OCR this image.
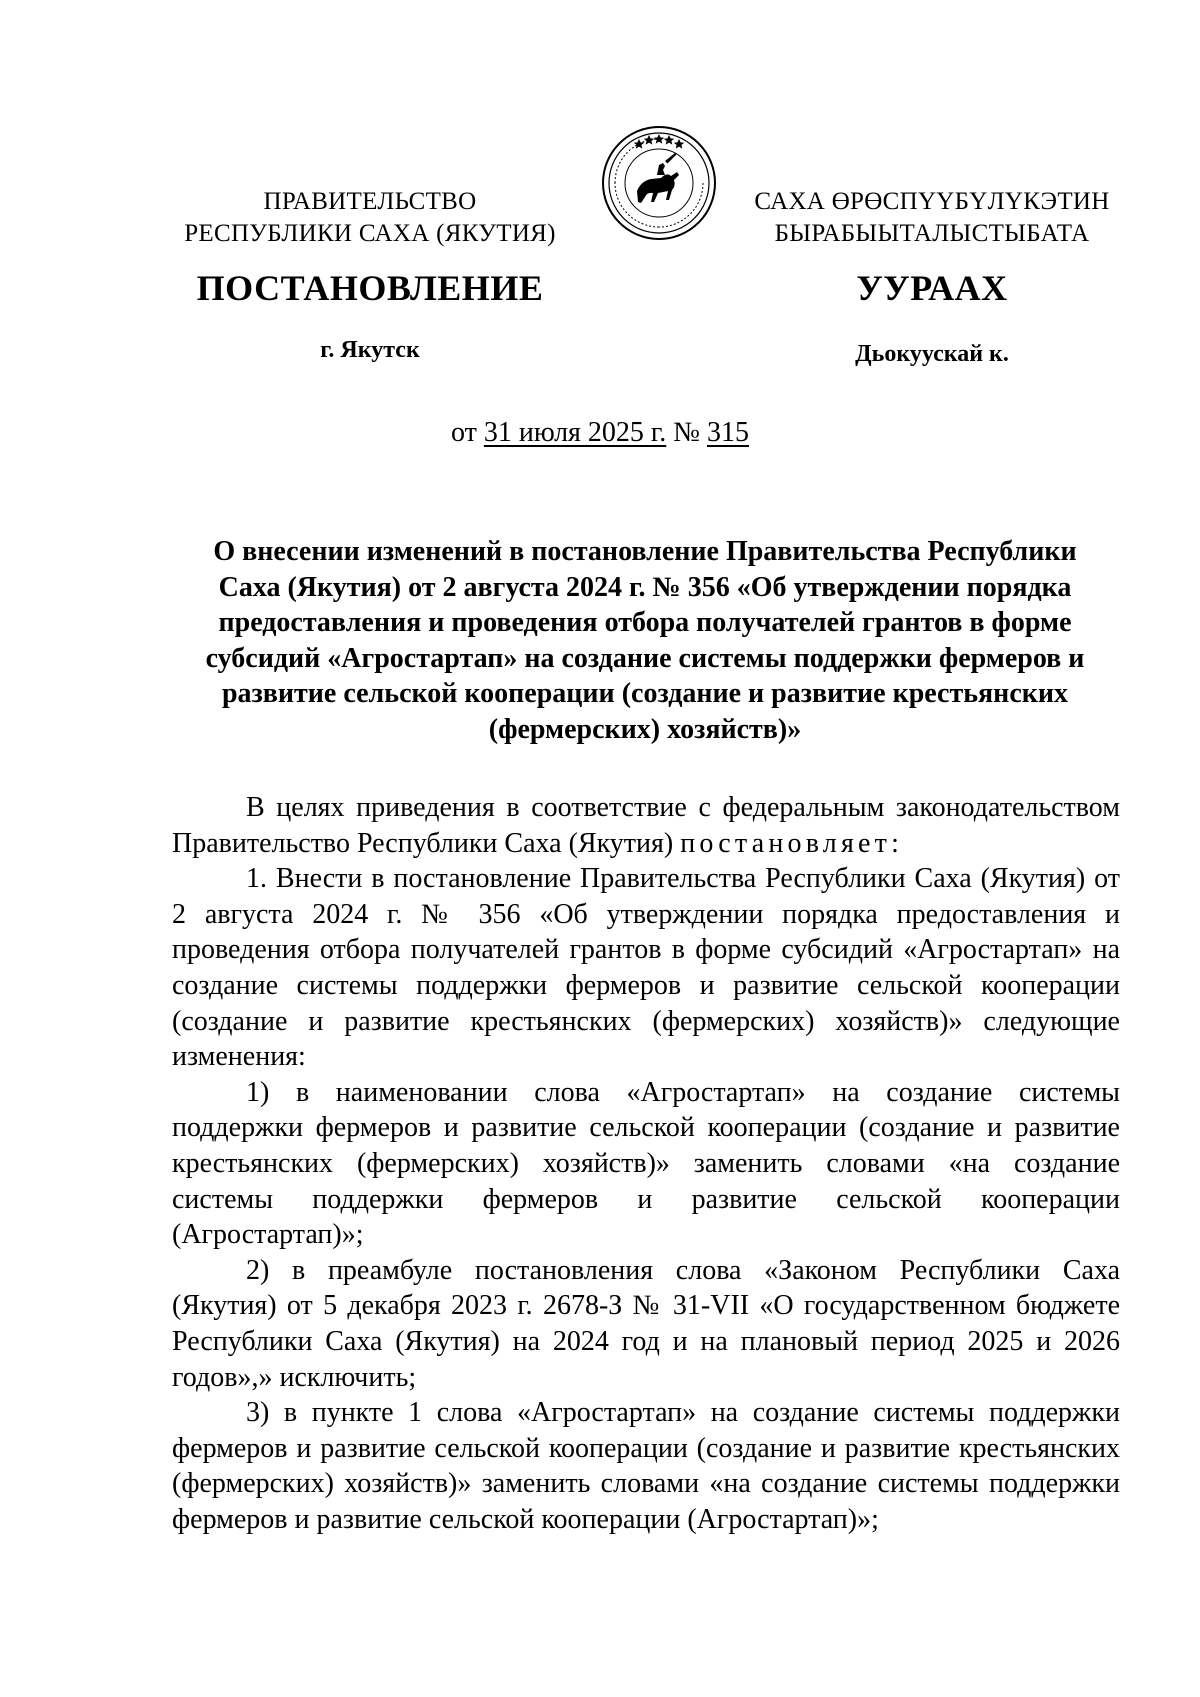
ПРАВИТЕЛЬСТВО
РЕСПУБЛИКИ САХА (ЯКУТИЯ)
САХА ӨРӨСПҮҮБҮЛҮКЭТИН
БЫРАБЫЫТАЛЫСТЫБАТА
ПОСТАНОВЛЕНИЕ	УУРААХ
г. Якутск	Дьокуускай к.
от 31 июля 2025 г. № 315
О внесении изменений в постановление Правительства Республики
Саха (Якутия) от 2 августа 2024 г. № 356 «Об утверждении порядка
предоставления и проведения отбора получателей грантов в форме
субсидий «Агростартап» на создание системы поддержки фермеров и
развитие сельской кооперации (создание и развитие крестьянских
(фермерских) хозяйств)»

В целях приведения в соответствие с федеральным законодательством Правительство Республики Саха (Якутия) постановляет:

1. Внести в постановление Правительства Республики Саха (Якутия) от 2 августа 2024 г. № 356 «Об утверждении порядка предоставления и проведения отбора получателей грантов в форме субсидий «Агростартап» на создание системы поддержки фермеров и развитие сельской кооперации (создание и развитие крестьянских (фермерских) хозяйств)» следующие изменения:

1) в наименовании слова «Агростартап» на создание системы поддержки фермеров и развитие сельской кооперации (создание и развитие крестьянских (фермерских) хозяйств)» заменить словами «на создание системы поддержки фермеров и развитие сельской кооперации (Агростартап)»;

2) в преамбуле постановления слова «Законом Республики Саха (Якутия) от 5 декабря 2023 г. 2678-З № 31-VII «О государственном бюджете Республики Саха (Якутия) на 2024 год и на плановый период 2025 и 2026 годов»,» исключить;

3) в пункте 1 слова «Агростартап» на создание системы поддержки фермеров и развитие сельской кооперации (создание и развитие крестьянских (фермерских) хозяйств)» заменить словами «на создание системы поддержки фермеров и развитие сельской кооперации (Агростартап)»;
